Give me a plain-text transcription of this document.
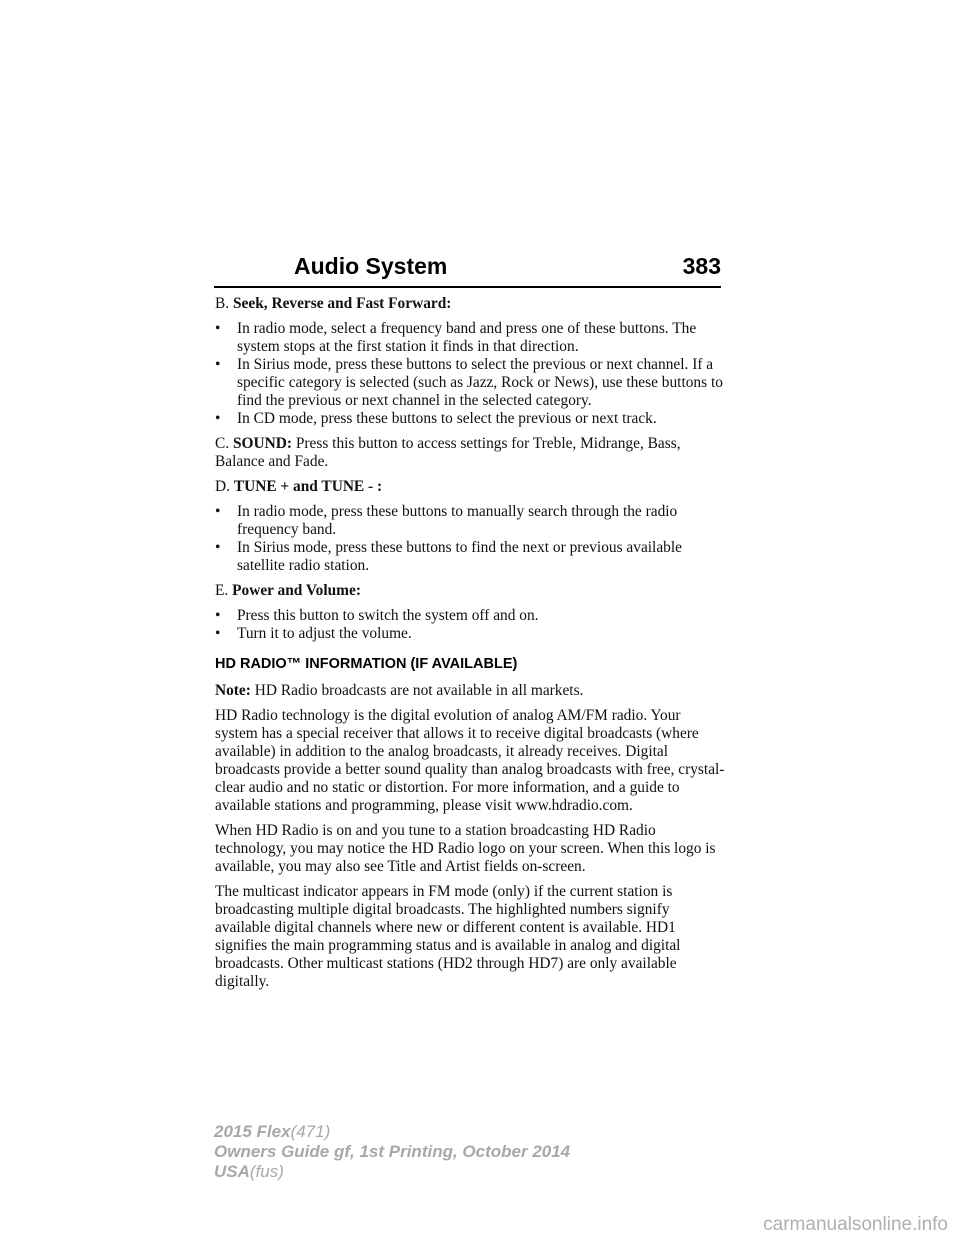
Audio System	383

B. Seek, Reverse and Fast Forward:

•	In radio mode, select a frequency band and press one of these buttons. The system stops at the first station it finds in that direction.
•	In Sirius mode, press these buttons to select the previous or next channel. If a specific category is selected (such as Jazz, Rock or News), use these buttons to find the previous or next channel in the selected category.
•	In CD mode, press these buttons to select the previous or next track.

C. SOUND: Press this button to access settings for Treble, Midrange, Bass, Balance and Fade.

D. TUNE + and TUNE - :

•	In radio mode, press these buttons to manually search through the radio frequency band.
•	In Sirius mode, press these buttons to find the next or previous available satellite radio station.

E. Power and Volume:

•	Press this button to switch the system off and on.
•	Turn it to adjust the volume.
HD RADIO™ INFORMATION (IF AVAILABLE)

Note: HD Radio broadcasts are not available in all markets.

HD Radio technology is the digital evolution of analog AM/FM radio. Your system has a special receiver that allows it to receive digital broadcasts (where available) in addition to the analog broadcasts, it already receives. Digital broadcasts provide a better sound quality than analog broadcasts with free, crystal-clear audio and no static or distortion. For more information, and a guide to available stations and programming, please visit www.hdradio.com.

When HD Radio is on and you tune to a station broadcasting HD Radio technology, you may notice the HD Radio logo on your screen. When this logo is available, you may also see Title and Artist fields on-screen.

The multicast indicator appears in FM mode (only) if the current station is broadcasting multiple digital broadcasts. The highlighted numbers signify available digital channels where new or different content is available. HD1 signifies the main programming status and is available in analog and digital broadcasts. Other multicast stations (HD2 through HD7) are only available digitally.

2015 Flex(471)
Owners Guide gf, 1st Printing, October 2014
USA(fus)
carmanualsonline.info
